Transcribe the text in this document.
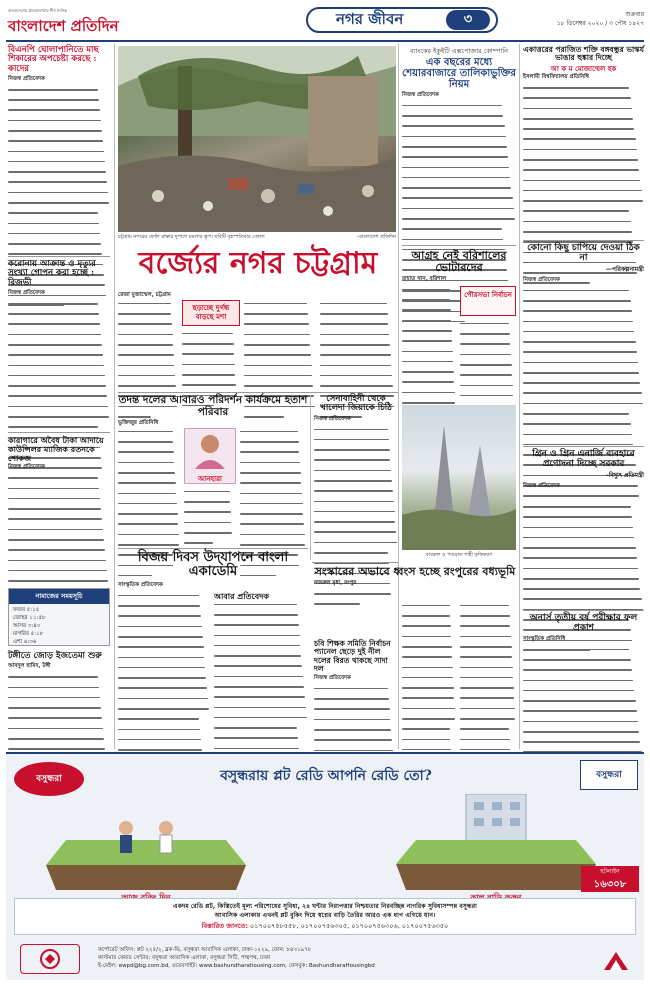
বাংলাদেশের প্রচারসংখ্যায় শীর্ষ দৈনিক
বাংলাদেশ প্রতিদিন	নগর জীবন	৩	শুক্রবার
১৮ ডিসেম্বর ২০২০ / ৩ পৌষ ১৪২৭
বিএনপি ঘোলাপানিতে মাছ শিকারের অপচেষ্টা করছে : কাদের
নিজস্ব প্রতিবেদক
করোনায় আক্রান্ত ও মৃত্যুর সংখ্যা গোপন করা হচ্ছে : রিজভী
নিজস্ব প্রতিবেদক
কারাগারে অবৈধ টাকা আদায়ে কাউন্সিলর ম্যাজিক রতনকে শোকজ
নিজস্ব প্রতিবেদক
নামাজের সময়সূচি
ফজর ৫:১৫
জোহর ১১:৫৮
আসর ৩:৪০
মাগরিব ৫:১৮
এশা ৬:৩৬
টঙ্গীতে জোড় ইজতেমা শুরু
আবদুল হামিদ, টঙ্গী
চট্টগ্রাম নগরের ফেলি রাস্তার দুপাশে ময়লার স্তূপ। ছবিটি বৃহস্পতিবার তোলা	–বাংলাদেশ প্রতিদিন
বর্জ্যের নগর চট্টগ্রাম
রেজা মুজাম্মেল, চট্টগ্রাম
ছড়াচ্ছে দুর্গন্ধ বাড়ছে মশা
তদন্ত দলের আবারও পরিদর্শন কার্যক্রমে হতাশ পরিবার
ভুক্তিজুর প্রতিনিধি
আনহারা
সেনাবাহিনী থেকে খালেদা জিয়াকে চিঠি
নিজস্ব প্রতিবেদক
বিজয় দিবস উদ্‌যাপনে বাংলা একাডেমি
সাংস্কৃতিক প্রতিবেদক
আবার প্রতিবেদক
চবি শিক্ষক সমিতি নির্বাচন প্যানেল ছেড়ে দুই নীল দলের বিরত থাকছে সাদা দল
নিজস্ব প্রতিবেদক
ব্যাংকের ইকুইটি এক্সপোজার কোম্পানি
এক বছরের মধ্যে শেয়ারবাজারে তালিকাভুক্তির নিয়ম
নিজস্ব প্রতিবেদক
আগ্রহ নেই বরিশালের ভোটারদের
রাহাত খান, বরিশাল
পৌরসভা নির্বাচন
বাবরুল ও পণ্ডরাত শাহী কৃত্তিকরণ
সংস্কারের অভাবে ধ্বংস হচ্ছে রংপুরের বধ্যভূমি
নজরুল মৃধা, রংপুর
একাত্তরের পরাজিত শক্তি বঙ্গবন্ধুর ভাস্কর্য ভাঙার হুঙ্কার দিচ্ছে
আ ক ম মোজাম্মেল হক
ইসলামী বিশ্ববিদ্যালয় প্রতিনিধি
কোনো কিছু চাপিয়ে দেওয়া ঠিক না
—পরিকল্পনামন্ত্রী
নিজস্ব প্রতিবেদক
গ্রিন ও গ্রিন এনার্জি ব্যবহারে প্রণোদনা দিচ্ছে সরকার
–বিদ্যুৎ প্রতিমন্ত্রী
নিজস্ব প্রতিবেদক
অনার্স তৃতীয় বর্ষ পরীক্ষার ফল প্রকাশ
সাংস্কৃতিক প্রতিনিধি
বসুন্ধরা	বসুন্ধরায় প্লট রেডি আপনি রেডি তো?	বসুন্ধরা
হটলাইন
১৬৩০৮
একদম রেডি প্লট, কিস্তিতেই মূল্য পরিশোধের সুবিধা, ২৪ ঘন্টার নিরাপত্তার নিশ্চয়তার নিরবচ্ছিন্ন নাগরিক সুবিধাসম্পন্ন বসুন্ধরা
আবাসিক এলাকায় এখনই প্লট বুকিং দিয়ে স্বপ্নের বাড়ি তৈরির আরও এক ধাপ এগিয়ে যান।
বিস্তারিত জানতে: ০১৭০০৭৫৮৫৫৮, ০১৭০০৭৫৬৩০৫, ০১৭০০৭৫৬৩০৬, ০১৭০০৭৫৬৩৫০
কর্পোরেট অফিস: প্লট ২২৫/২, ব্লক-ভি, বসুন্ধরা আবাসিক এলাকা, ঢাকা-১২২৯, ফোন: ৮৪৩১৯৭৮
কাস্টমার কেয়ার সেন্টার: বসুন্ধরা আবাসিক এলাকা, বসুন্ধরা সিটি, পান্থপথ, ঢাকা
ই-মেইল: ewpd@bg.com.bd, ওয়েবসাইট: www.bashundharahousing.com, ফেসবুক: BashundharaHousingbd
